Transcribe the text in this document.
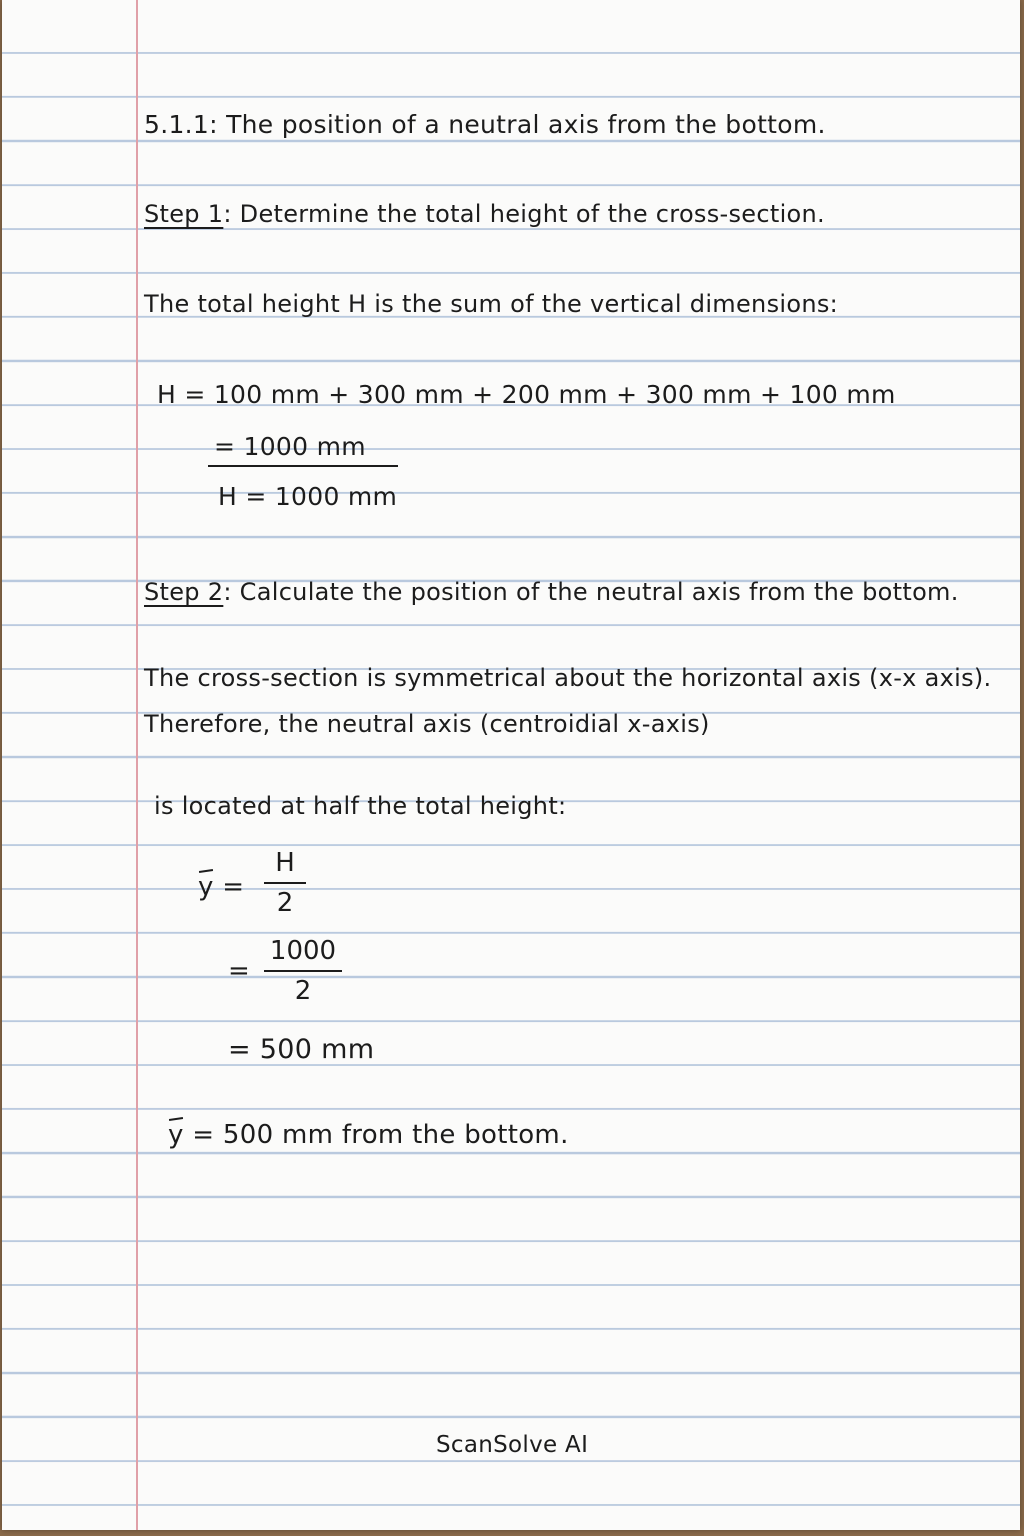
5.1.1: The position of a neutral axis from the bottom.
Step 1: Determine the total height of the cross-section.
The total height H is the sum of the vertical dimensions:
H = 100 mm + 300 mm + 200 mm + 300 mm + 100 mm
= 1000 mm
H = 1000 mm
Step 2: Calculate the position of the neutral axis from the bottom.
The cross-section is symmetrical about the horizontal axis (x-x axis).
Therefore, the neutral axis (centroidial x-axis)
is located at half the total height:
y =
H
2
=
1000
2
= 500 mm
y = 500 mm from the bottom.
ScanSolve AI
